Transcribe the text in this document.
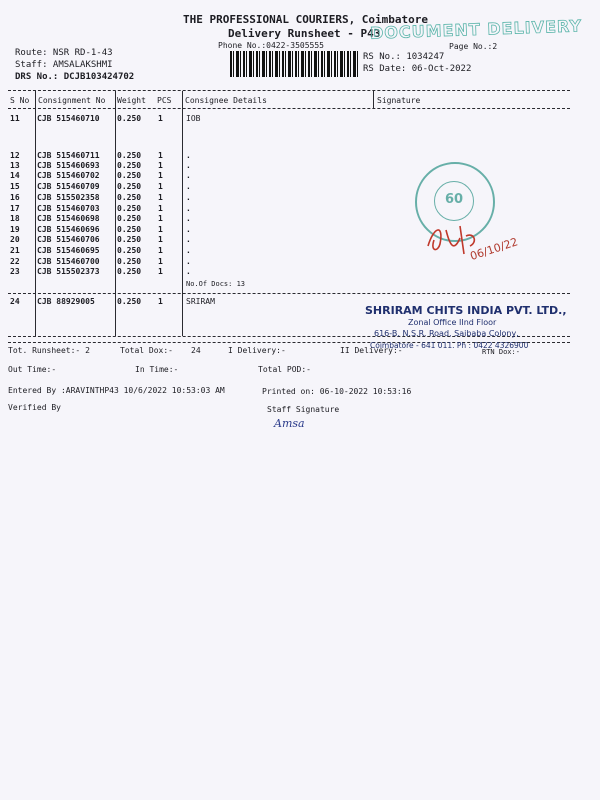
THE PROFESSIONAL COURIERS, Coimbatore
Delivery Runsheet - P43
Phone No.:0422-3505555	Page No.:2
DOCUMENT DELIVERY
Route: NSR RD-1-43
Staff: AMSALAKSHMI
DRS No.: DCJB103424702
RS No.: 1034247
RS Date: 06-Oct-2022
S No Consignment No Weight PCS Consignee Details	Signature
11 CJB 515460710 0.250 1	IOB
12 CJB 515460711 0.250 1	.
13 CJB 515460693 0.250 1	.
14 CJB 515460702 0.250 1	.
15 CJB 515460709 0.250 1	.
16 CJB 515502358 0.250 1	.
17 CJB 515460703 0.250 1	.
18 CJB 515460698 0.250 1	.
19 CJB 515460696 0.250 1	.
20 CJB 515460706 0.250 1	.
21 CJB 515460695 0.250 1	.
22 CJB 515460700 0.250 1	.
23 CJB 515502373 0.250 1	.
No.Of Docs: 13
24 CJB 88929005	0.250 1	SRIRAM
60
06/10/22
SHRIRAM CHITS INDIA PVT. LTD.,
Zonal Office IInd Floor
616-B, N.S.R. Road, Saibaba Colony,
Coimbatore - 641 011. Ph : 0422 4326900
Tot. Runsheet:- 2	Total Dox:- 24	I Delivery:-	II Delivery:-	RTN Dox:-
Out Time:-	In Time:-	Total POD:-
Entered By :ARAVINTHP43 10/6/2022 10:53:03 AM	Printed on: 06-10-2022 10:53:16
Verified By	Staff Signature
Amsa
